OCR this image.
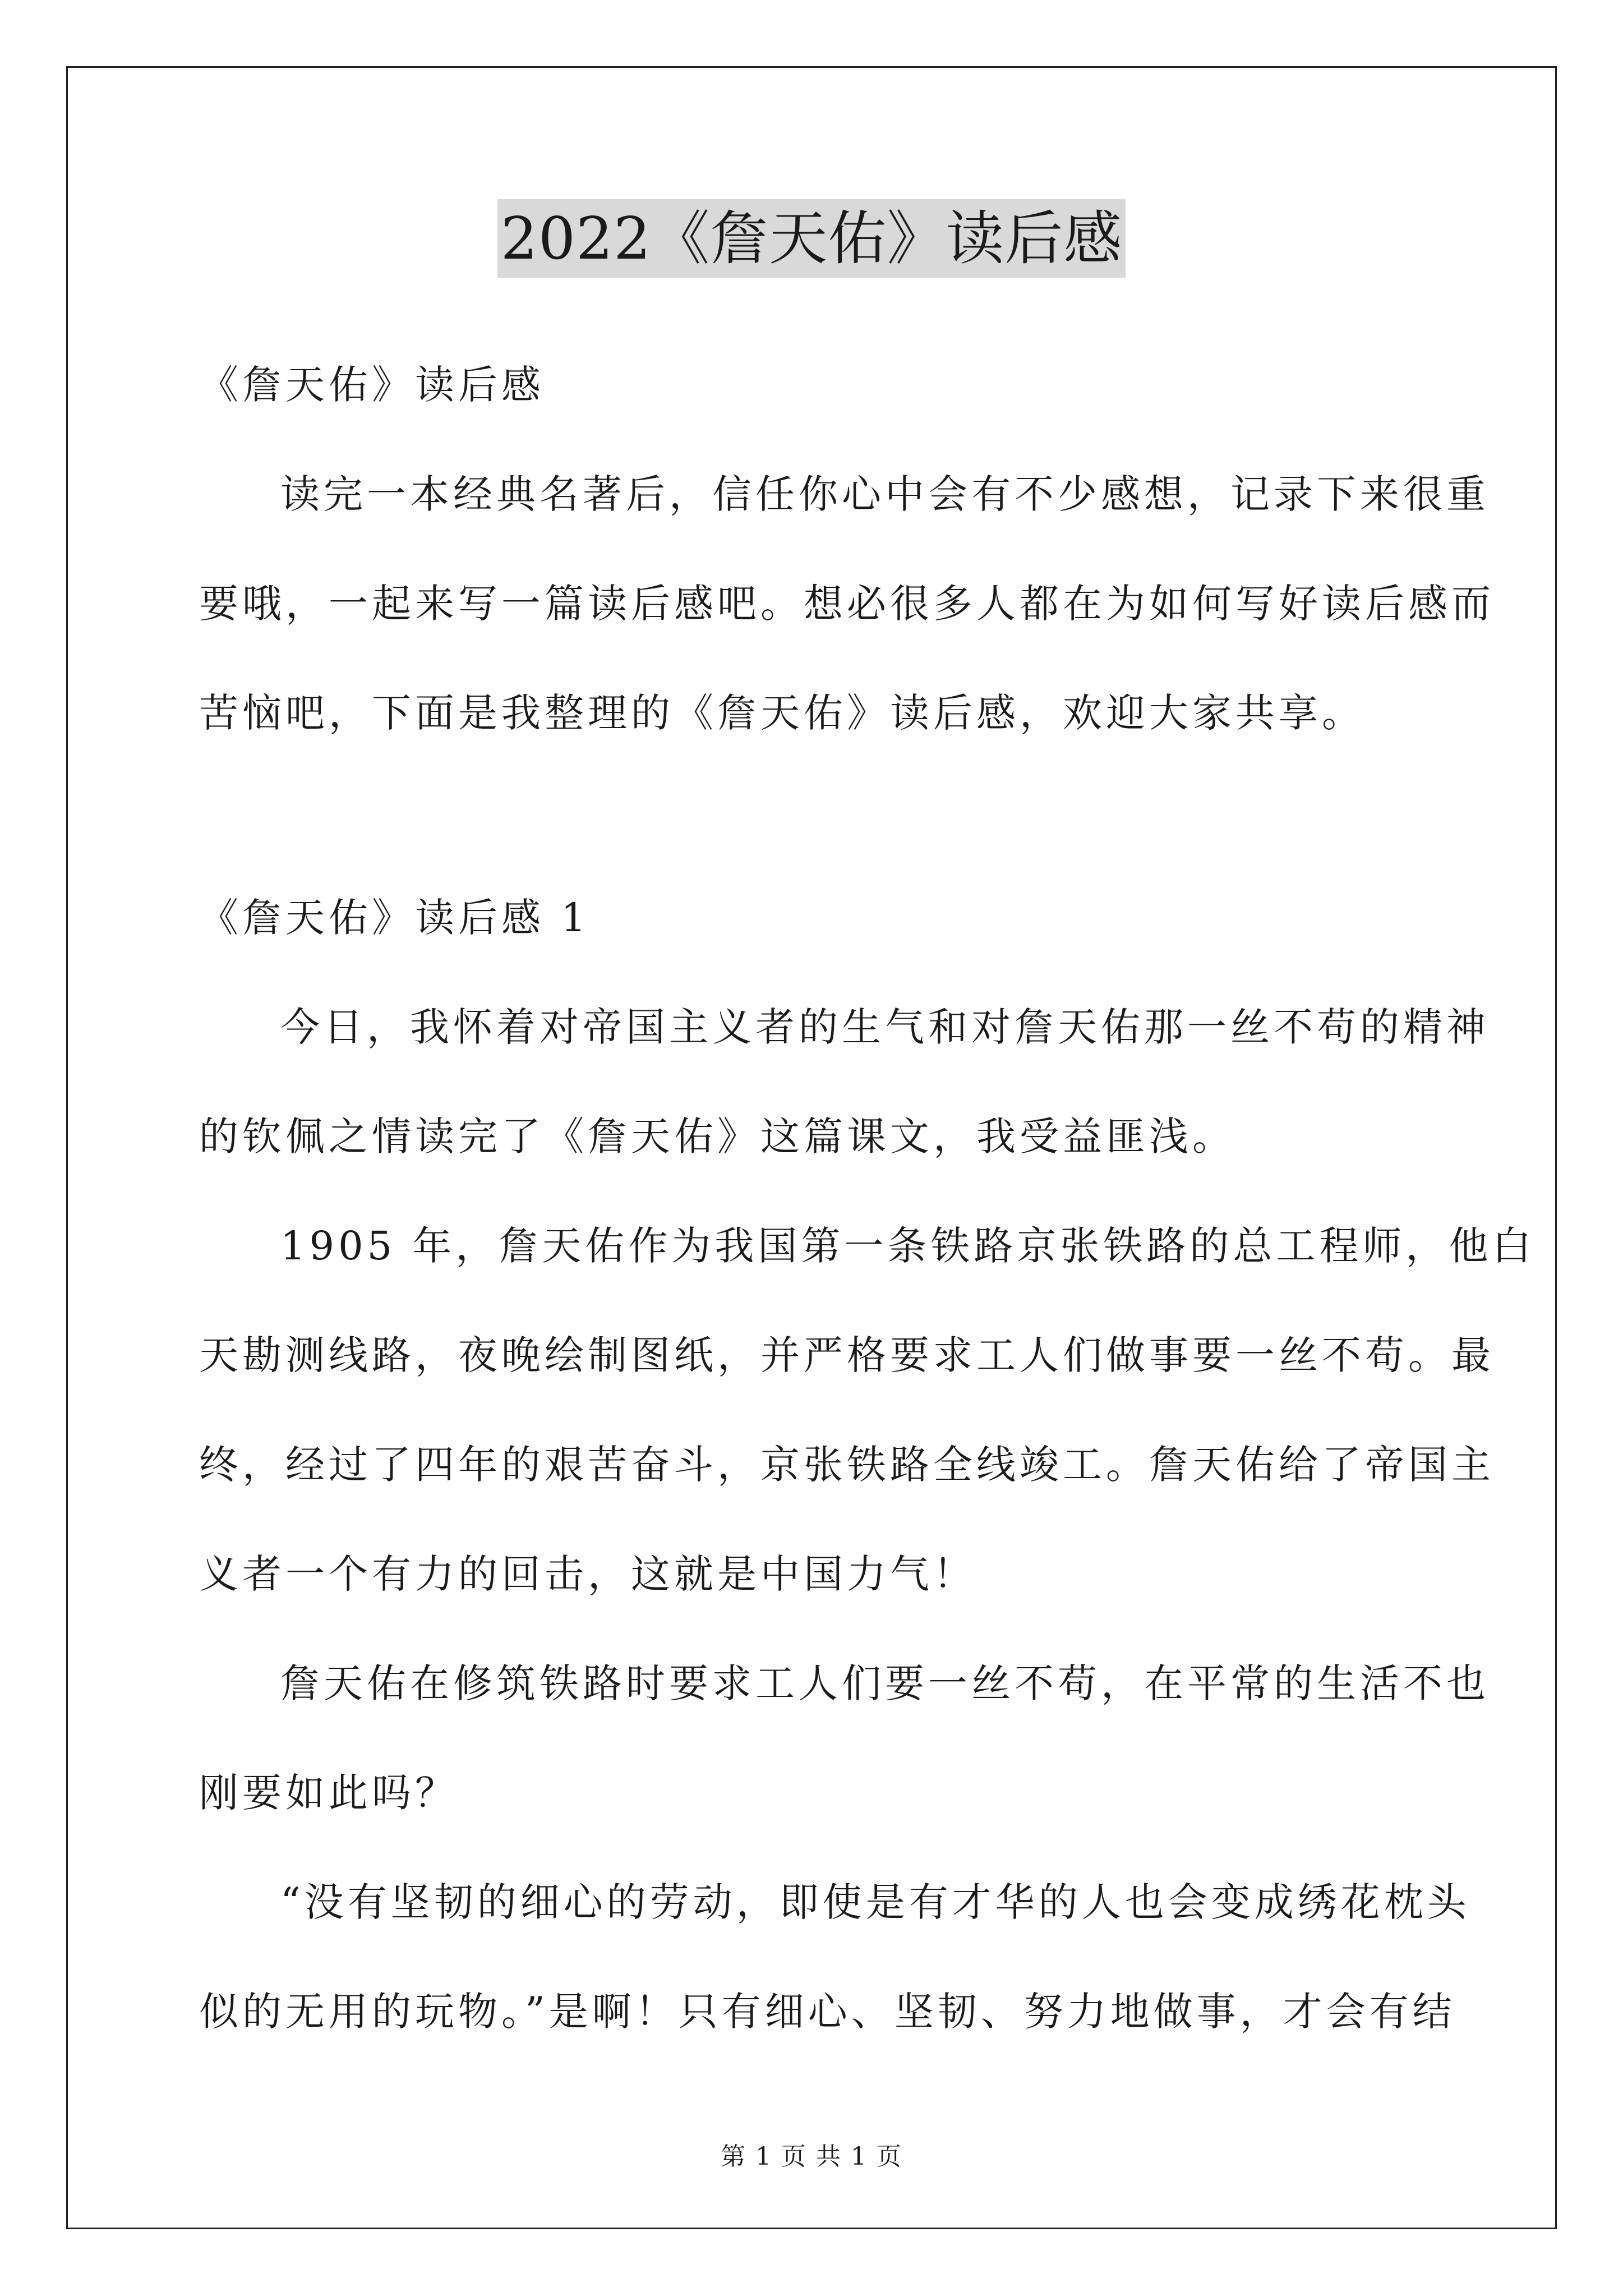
2022《詹天佑》读后感
《詹天佑》读后感
读完一本经典名著后，信任你心中会有不少感想，记录下来很重
要哦，一起来写一篇读后感吧。想必很多人都在为如何写好读后感而
苦恼吧，下面是我整理的《詹天佑》读后感，欢迎大家共享。
《詹天佑》读后感 1
今日，我怀着对帝国主义者的生气和对詹天佑那一丝不苟的精神
的钦佩之情读完了《詹天佑》这篇课文，我受益匪浅。
1905 年，詹天佑作为我国第一条铁路京张铁路的总工程师，他白
天勘测线路，夜晚绘制图纸，并严格要求工人们做事要一丝不苟。最
终，经过了四年的艰苦奋斗，京张铁路全线竣工。詹天佑给了帝国主
义者一个有力的回击，这就是中国力气！
詹天佑在修筑铁路时要求工人们要一丝不苟，在平常的生活不也
刚要如此吗？
“没有坚韧的细心的劳动，即使是有才华的人也会变成绣花枕头
似的无用的玩物。”是啊！只有细心、坚韧、努力地做事，才会有结
第 1 页 共 1 页
